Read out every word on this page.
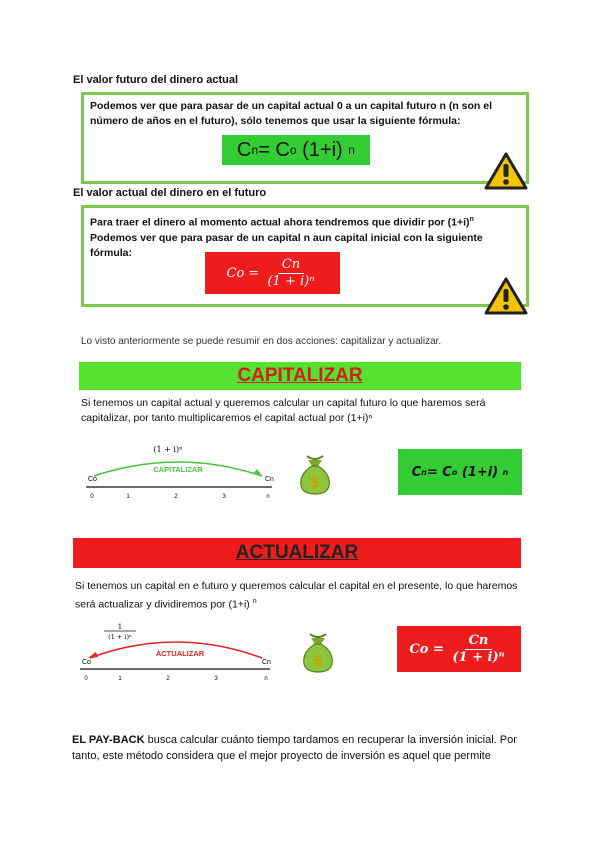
El valor futuro del dinero actual
Podemos ver que para pasar de un capital actual 0 a un capital futuro n (n son el número de años en el futuro), sólo tenemos que usar la siguiente fórmula:
C n = C o
(1+i)
n
El valor actual del dinero en el futuro
Para traer el dinero al momento actual ahora tendremos que dividir por $(1+i)^n$
Podemos ver que para pasar de un capital n aun capital inicial con la siguiente fórmula:
Co =
$\frac{Cn}{\text{(1 + i)ⁿ}}$
Lo visto anteriormente se puede resumir en dos acciones: capitalizar y actualizar.
CAPITALIZAR
Si tenemos un capital actual y queremos calcular un capital futuro lo que haremos será capitalizar, por tanto multiplicaremos el capital actual por (1+i)ⁿ
(1 + i)ⁿ
CAPITALIZAR
Co	Cn
0	1	2	3	n
$
C n = C o
(1+i)
n
ACTUALIZAR
Si tenemos un capital en e futuro y queremos calcular el capital en el presente, lo que haremos será actualizar y dividiremos por (1+i) $^n$
1
(1 + i)ⁿ
ACTUALIZAR
Co	Cn
0	1	2	3	n
$
Co =
$\frac{Cn}{\text{(1 + i)ⁿ}}$
EL PAY-BACK busca calcular cuánto tiempo tardamos en recuperar la inversión inicial. Por tanto, este método considera que el mejor proyecto de inversión es aquel que permite
